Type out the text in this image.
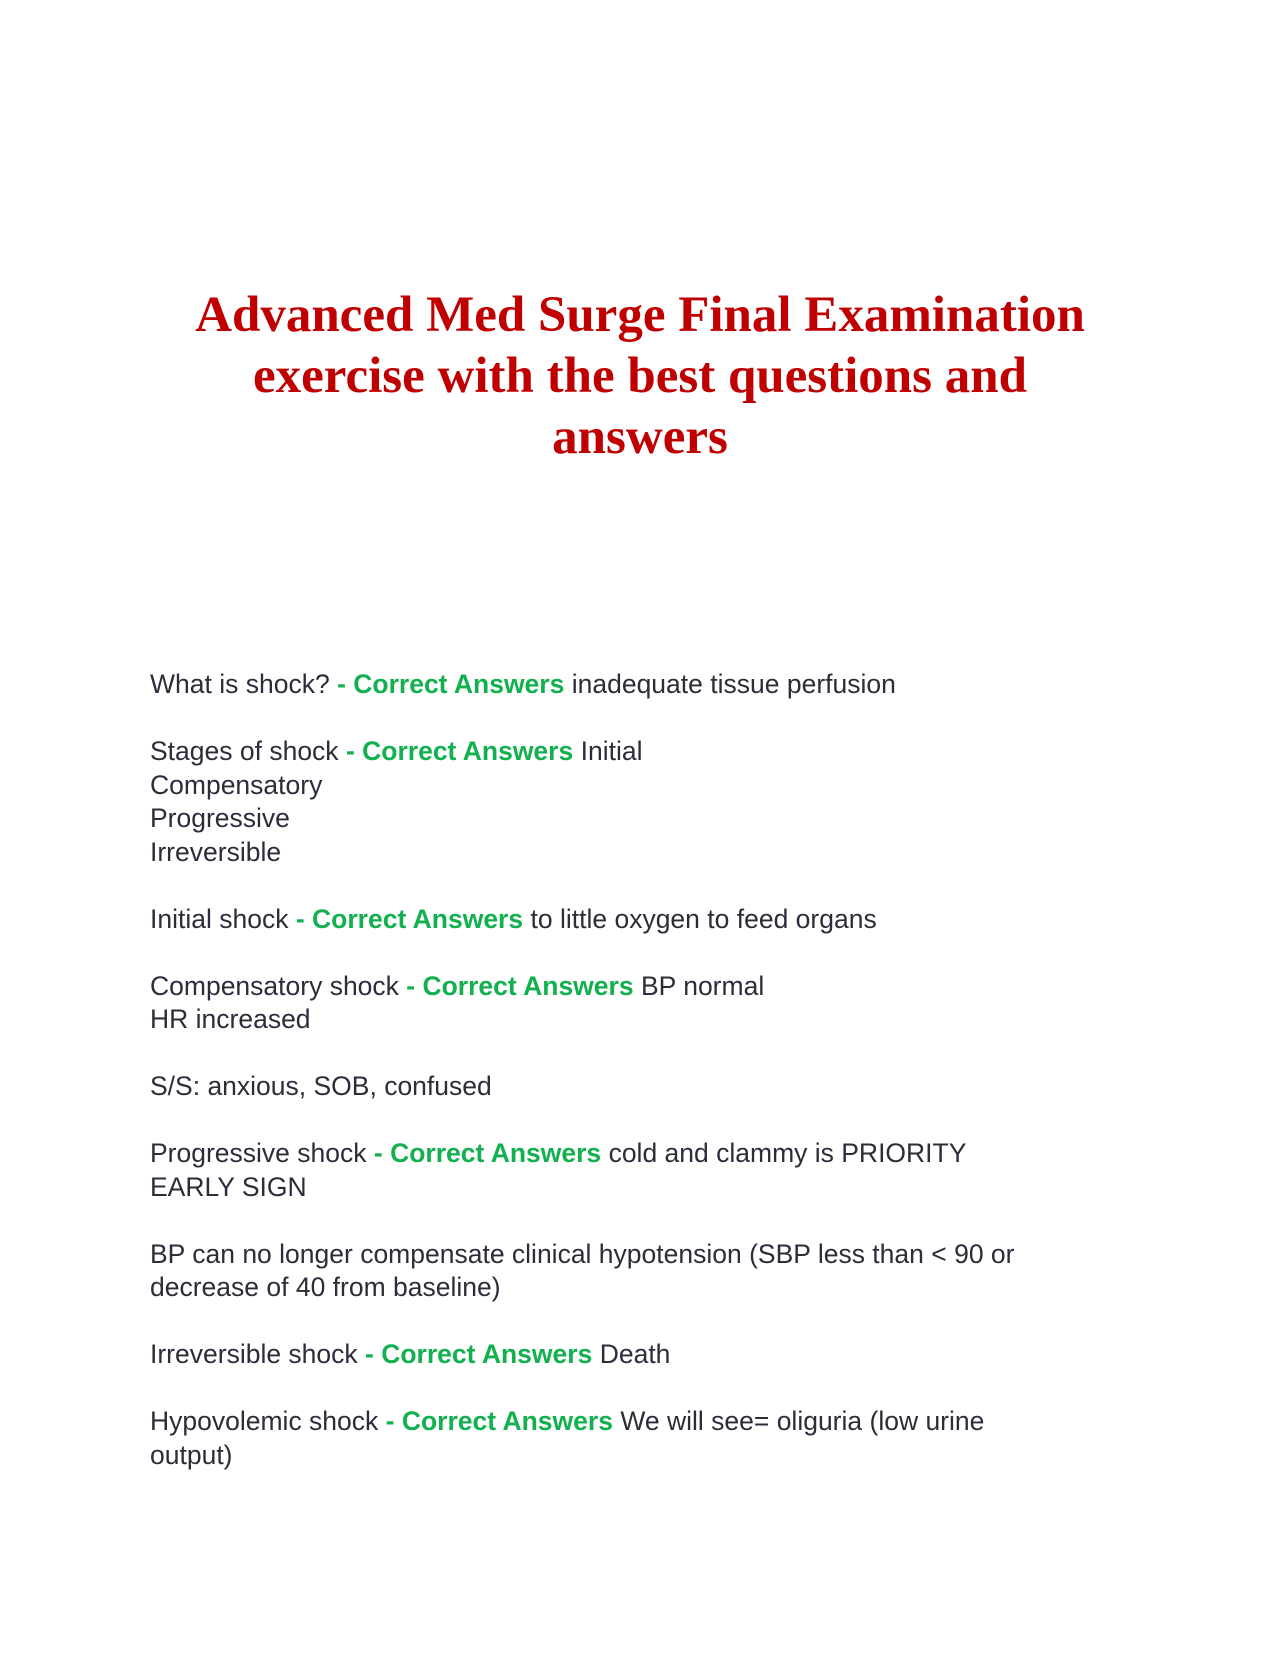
Advanced Med Surge Final Examination
exercise with the best questions and
answers
What is shock? - Correct Answers inadequate tissue perfusion
Stages of shock - Correct Answers Initial
Compensatory
Progressive
Irreversible
Initial shock - Correct Answers to little oxygen to feed organs
Compensatory shock - Correct Answers BP normal
HR increased
S/S: anxious, SOB, confused
Progressive shock - Correct Answers cold and clammy is PRIORITY
EARLY SIGN
BP can no longer compensate clinical hypotension (SBP less than < 90 or
decrease of 40 from baseline)
Irreversible shock - Correct Answers Death
Hypovolemic shock - Correct Answers We will see= oliguria (low urine
output)
